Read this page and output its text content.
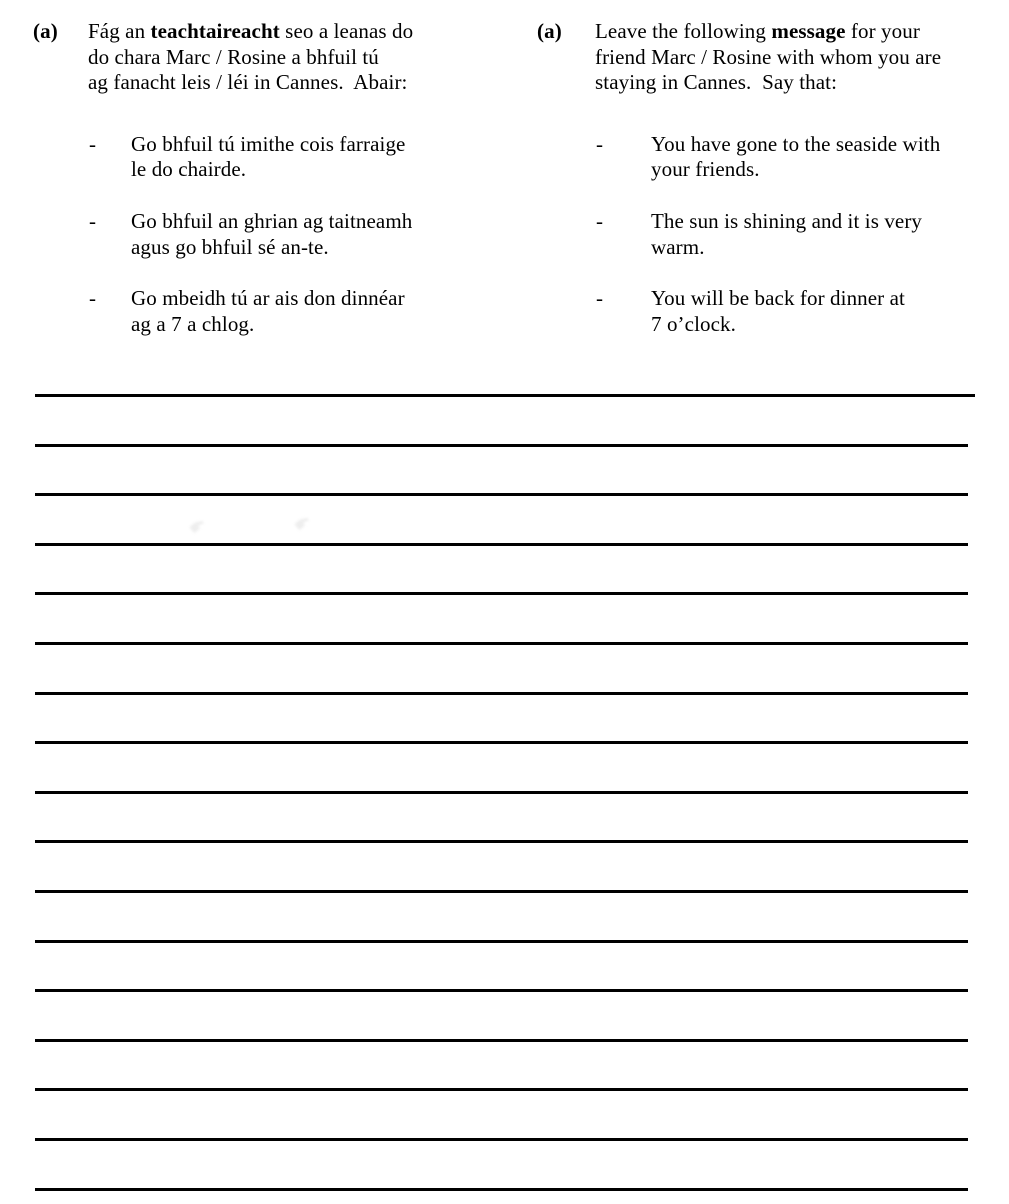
(a)	Fág an teachtaireacht seo a leanas do
do chara Marc / Rosine a bhfuil tú
ag fanacht leis / léi in Cannes.  Abair:
-	Go bhfuil tú imithe cois farraige
le do chairde.
-	Go bhfuil an ghrian ag taitneamh
agus go bhfuil sé an-te.
-	Go mbeidh tú ar ais don dinnéar
ag a 7 a chlog.
(a)	Leave the following message for your
friend Marc / Rosine with whom you are
staying in Cannes.  Say that:
-	You have gone to the seaside with
your friends.
-	The sun is shining and it is very
warm.
-	You will be back for dinner at
7 o’clock.
❜ ❜
